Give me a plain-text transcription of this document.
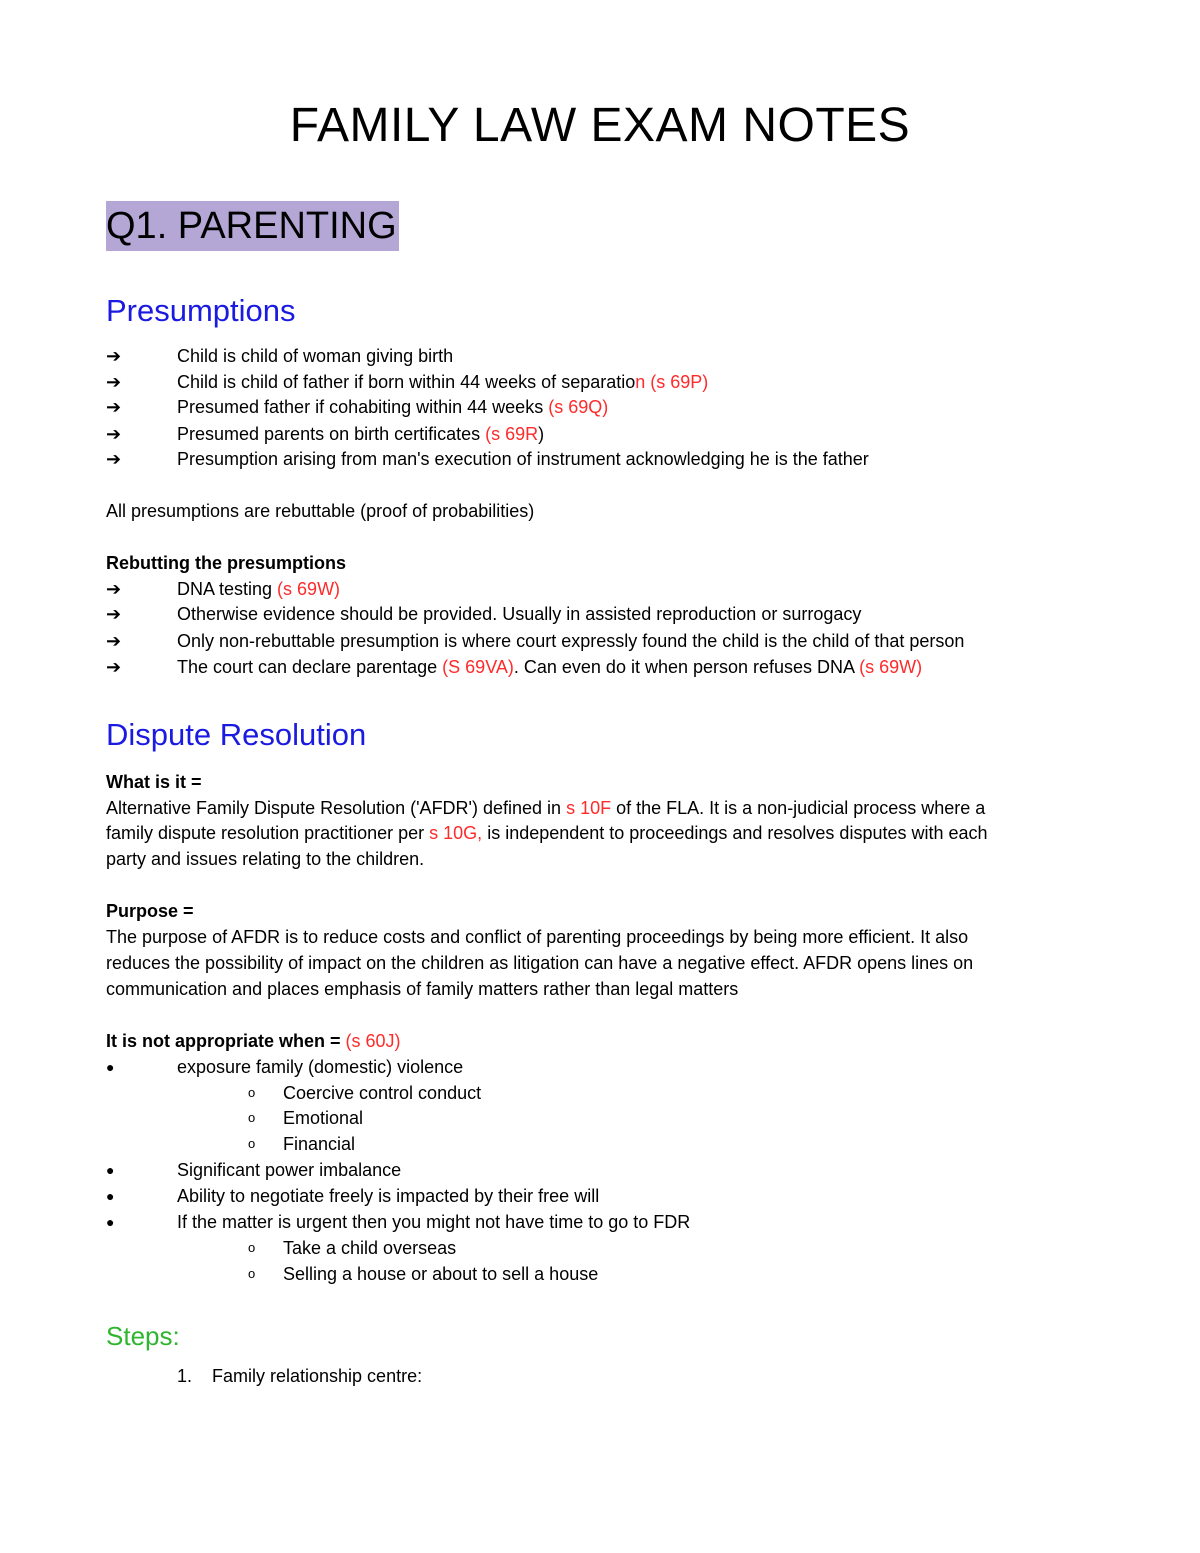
FAMILY LAW EXAM NOTES
Q1. PARENTING
Presumptions
➔	Child is child of woman giving birth
➔	Child is child of father if born within 44 weeks of separation (s 69P)
➔	Presumed father if cohabiting within 44 weeks (s 69Q)
➔	Presumed parents on birth certificates (s 69R)
➔	Presumption arising from man's execution of instrument acknowledging he is the father
All presumptions are rebuttable (proof of probabilities)
Rebutting the presumptions
➔	DNA testing (s 69W)
➔	Otherwise evidence should be provided. Usually in assisted reproduction or surrogacy
➔	Only non-rebuttable presumption is where court expressly found the child is the child of that person
➔	The court can declare parentage (S 69VA). Can even do it when person refuses DNA (s 69W)
Dispute Resolution
What is it =
Alternative Family Dispute Resolution ('AFDR') defined in s 10F of the FLA. It is a non-judicial process where a
family dispute resolution practitioner per s 10G, is independent to proceedings and resolves disputes with each
party and issues relating to the children.
Purpose =
The purpose of AFDR is to reduce costs and conflict of parenting proceedings by being more efficient. It also
reduces the possibility of impact on the children as litigation can have a negative effect. AFDR opens lines on
communication and places emphasis of family matters rather than legal matters
It is not appropriate when = (s 60J)
●	exposure family (domestic) violence
o Coercive control conduct
o Emotional
o Financial
●	Significant power imbalance
●	Ability to negotiate freely is impacted by their free will
●	If the matter is urgent then you might not have time to go to FDR
o Take a child overseas
o Selling a house or about to sell a house
Steps:
1. Family relationship centre:
